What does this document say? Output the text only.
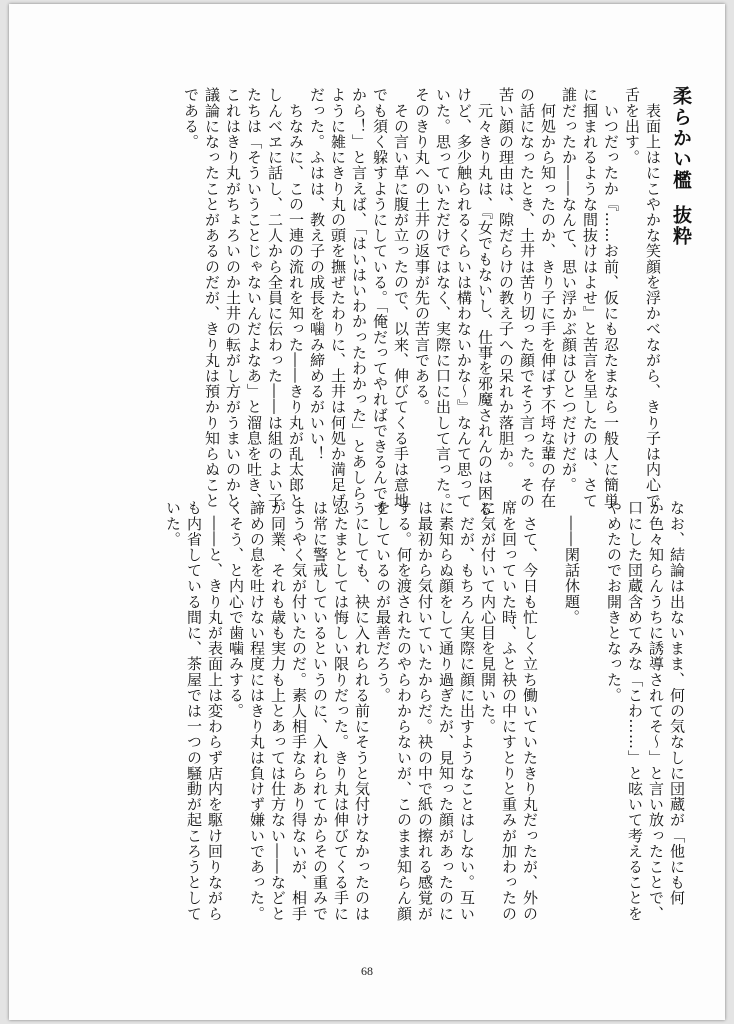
柔らかい檻抜粋
　表面上はにこやかな笑顔を浮かべながら、きり子は内心で
舌を出す。
　いつだったか『……お前、仮にも忍たまなら一般人に簡単
に掴まれるような間抜けはよせ』と苦言を呈したのは、さて
誰だったか――なんて、思い浮かぶ顔はひとつだけだが。
　何処から知ったのか、きり子に手を伸ばす不埒な輩の存在
の話になったとき、土井は苦り切った顔でそう言った。その
苦い顔の理由は、隙だらけの教え子への呆れか落胆か。
　元々きり丸は、『女でもないし、仕事を邪魔されんのは困る
けど、多少触られるくらいは構わないかな～』なんて思って
いた。思っていただけではなく、実際に口に出して言った。
そのきり丸への土井の返事が先の苦言である。
　その言い草に腹が立ったので、以来、伸びてくる手は意地
でも須く躱すようにしている。「俺だってやればできるんです
から！」と言えば、「はいはいわかったわかった」とあしらう
ように雑にきり丸の頭を撫ぜたわりに、土井は何処か満足げ
だった。ふはは、教え子の成長を噛み締めるがいい！
　ちなみに、この一連の流れを知った――きり丸が乱太郎と
しんベヱに話し、二人から全員に伝わった――は組のよい子
たちは「そういうことじゃないんだよなあ」と溜息を吐き、
これはきり丸がちょろいのか土井の転がし方がうまいのかと
議論になったことがあるのだが、きり丸は預かり知らぬこと
である。
なお、結論は出ないまま、何の気なしに団蔵が「他にも何
か色々知らんうちに誘導されてそ～」と言い放ったことで、
口にした団蔵含めてみな「こわ……」と呟いて考えることを
やめたのでお開きとなった。

　――閑話休題。

　さて、今日も忙しく立ち働いていたきり丸だったが、外の
席を回っていた時、ふと袂の中にすとりと重みが加わったの
に気が付いて内心目を見開いた。
　だが、もちろん実際に顔に出すようなことはしない。互い
に素知らぬ顔をして通り過ぎたが、見知った顔があったのに
は最初から気付いていたからだ。袂の中で紙の擦れる感覚が
する。何を渡されたのやらわからないが、このまま知らん顔
をしているのが最善だろう。
　にしても、袂に入れられる前にそうと気付けなかったのは
忍たまとしては悔しい限りだった。きり丸は伸びてくる手に
は常に警戒しているというのに、入れられてからその重みで
ようやく気が付いたのだ。素人相手ならあり得ないが、相手
が同業、それも歳も実力も上とあっては仕方ない――などと
諦めの息を吐けない程度にはきり丸は負けず嫌いであった。
くそう、と内心で歯噛みする。
　――と、きり丸が表面上は変わらず店内を駆け回りながら
も内省している間に、茶屋では一つの騒動が起ころうとして
いた。
68
